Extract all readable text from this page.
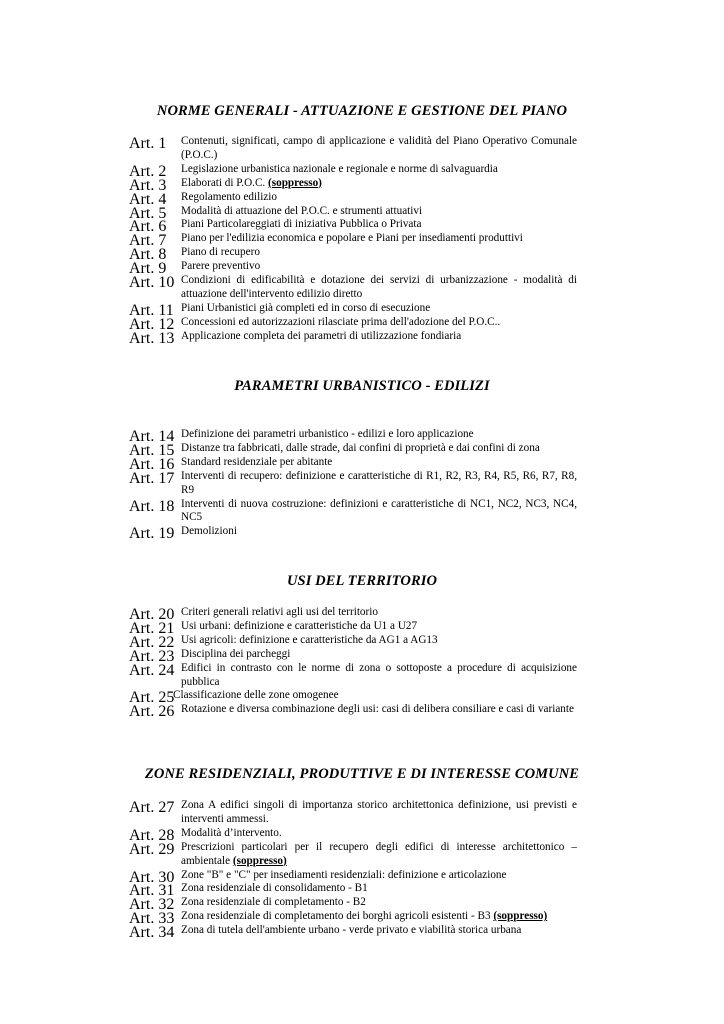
NORME GENERALI - ATTUAZIONE E GESTIONE DEL PIANO
Art. 1 Contenuti, significati, campo di applicazione e validità del Piano Operativo Comunale (P.O.C.)
Art. 2 Legislazione urbanistica nazionale e regionale e norme di salvaguardia
Art. 3 Elaborati di P.O.C. (soppresso)
Art. 4 Regolamento edilizio
Art. 5 Modalità di attuazione del P.O.C. e strumenti attuativi
Art. 6 Piani Particolareggiati di iniziativa Pubblica o Privata
Art. 7 Piano per l'edilizia economica e popolare e Piani per insediamenti produttivi
Art. 8 Piano di recupero
Art. 9 Parere preventivo
Art. 10 Condizioni di edificabilità e dotazione dei servizi di urbanizzazione - modalità di attuazione dell'intervento edilizio diretto
Art. 11 Piani Urbanistici già completi ed in corso di esecuzione
Art. 12 Concessioni ed autorizzazioni rilasciate prima dell'adozione del P.O.C..
Art. 13 Applicazione completa dei parametri di utilizzazione fondiaria
PARAMETRI URBANISTICO - EDILIZI
Art. 14 Definizione dei parametri urbanistico - edilizi e loro applicazione
Art. 15 Distanze tra fabbricati, dalle strade, dai confini di proprietà e dai confini di zona
Art. 16 Standard residenziale per abitante
Art. 17 Interventi di recupero: definizione e caratteristiche di R1, R2, R3, R4, R5, R6, R7, R8, R9
Art. 18 Interventi di nuova costruzione: definizioni e caratteristiche di NC1, NC2, NC3, NC4, NC5
Art. 19 Demolizioni
USI DEL TERRITORIO
Art. 20 Criteri generali relativi agli usi del territorio
Art. 21 Usi urbani: definizione e caratteristiche da U1 a U27
Art. 22 Usi agricoli: definizione e caratteristiche da AG1 a AG13
Art. 23 Disciplina dei parcheggi
Art. 24 Edifici in contrasto con le norme di zona o sottoposte a procedure di acquisizione pubblica
Art. 25
Classificazione delle zone omogenee
Art. 26 Rotazione e diversa combinazione degli usi: casi di delibera consiliare e casi di variante
ZONE RESIDENZIALI, PRODUTTIVE E DI INTERESSE COMUNE
Art. 27 Zona A edifici singoli di importanza storico architettonica definizione, usi previsti e interventi ammessi.
Art. 28 Modalità d’intervento.
Art. 29 Prescrizioni particolari per il recupero degli edifici di interesse architettonico – ambientale (soppresso)
Art. 30 Zone "B" e "C" per insediamenti residenziali: definizione e articolazione
Art. 31 Zona residenziale di consolidamento - B1
Art. 32 Zona residenziale di completamento - B2
Art. 33 Zona residenziale di completamento dei borghi agricoli esistenti - B3 (soppresso)
Art. 34 Zona di tutela dell'ambiente urbano - verde privato e viabilità storica urbana
